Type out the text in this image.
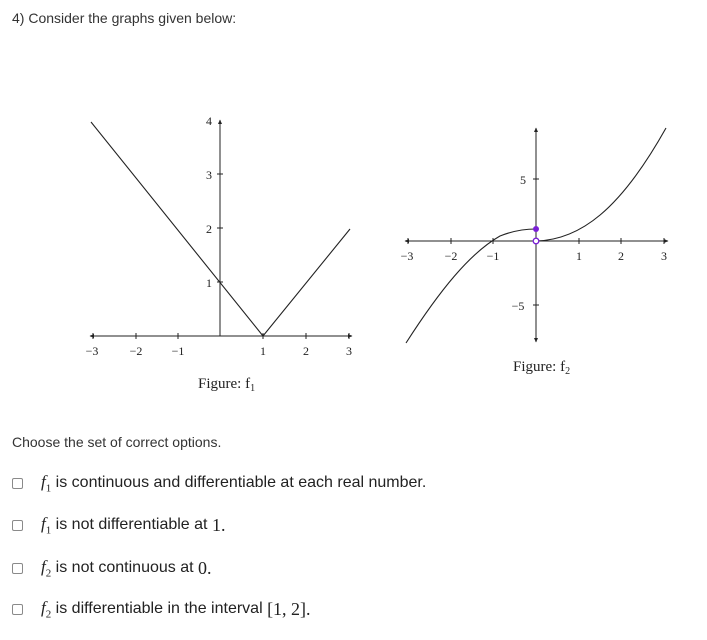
4) Consider the graphs given below:
−3	−2 −1	1	2	3
1
2
3
4
Figure: $f_1$
−3	−2 −1	1	2	3
5
−5
Figure: $f_2$
Choose the set of correct options.
$f_1$ is continuous and differentiable at each real number.
$f_1$ is not differentiable at 1.
$f_2$ is not continuous at 0.
$f_2$ is differentiable in the interval [1, 2].
